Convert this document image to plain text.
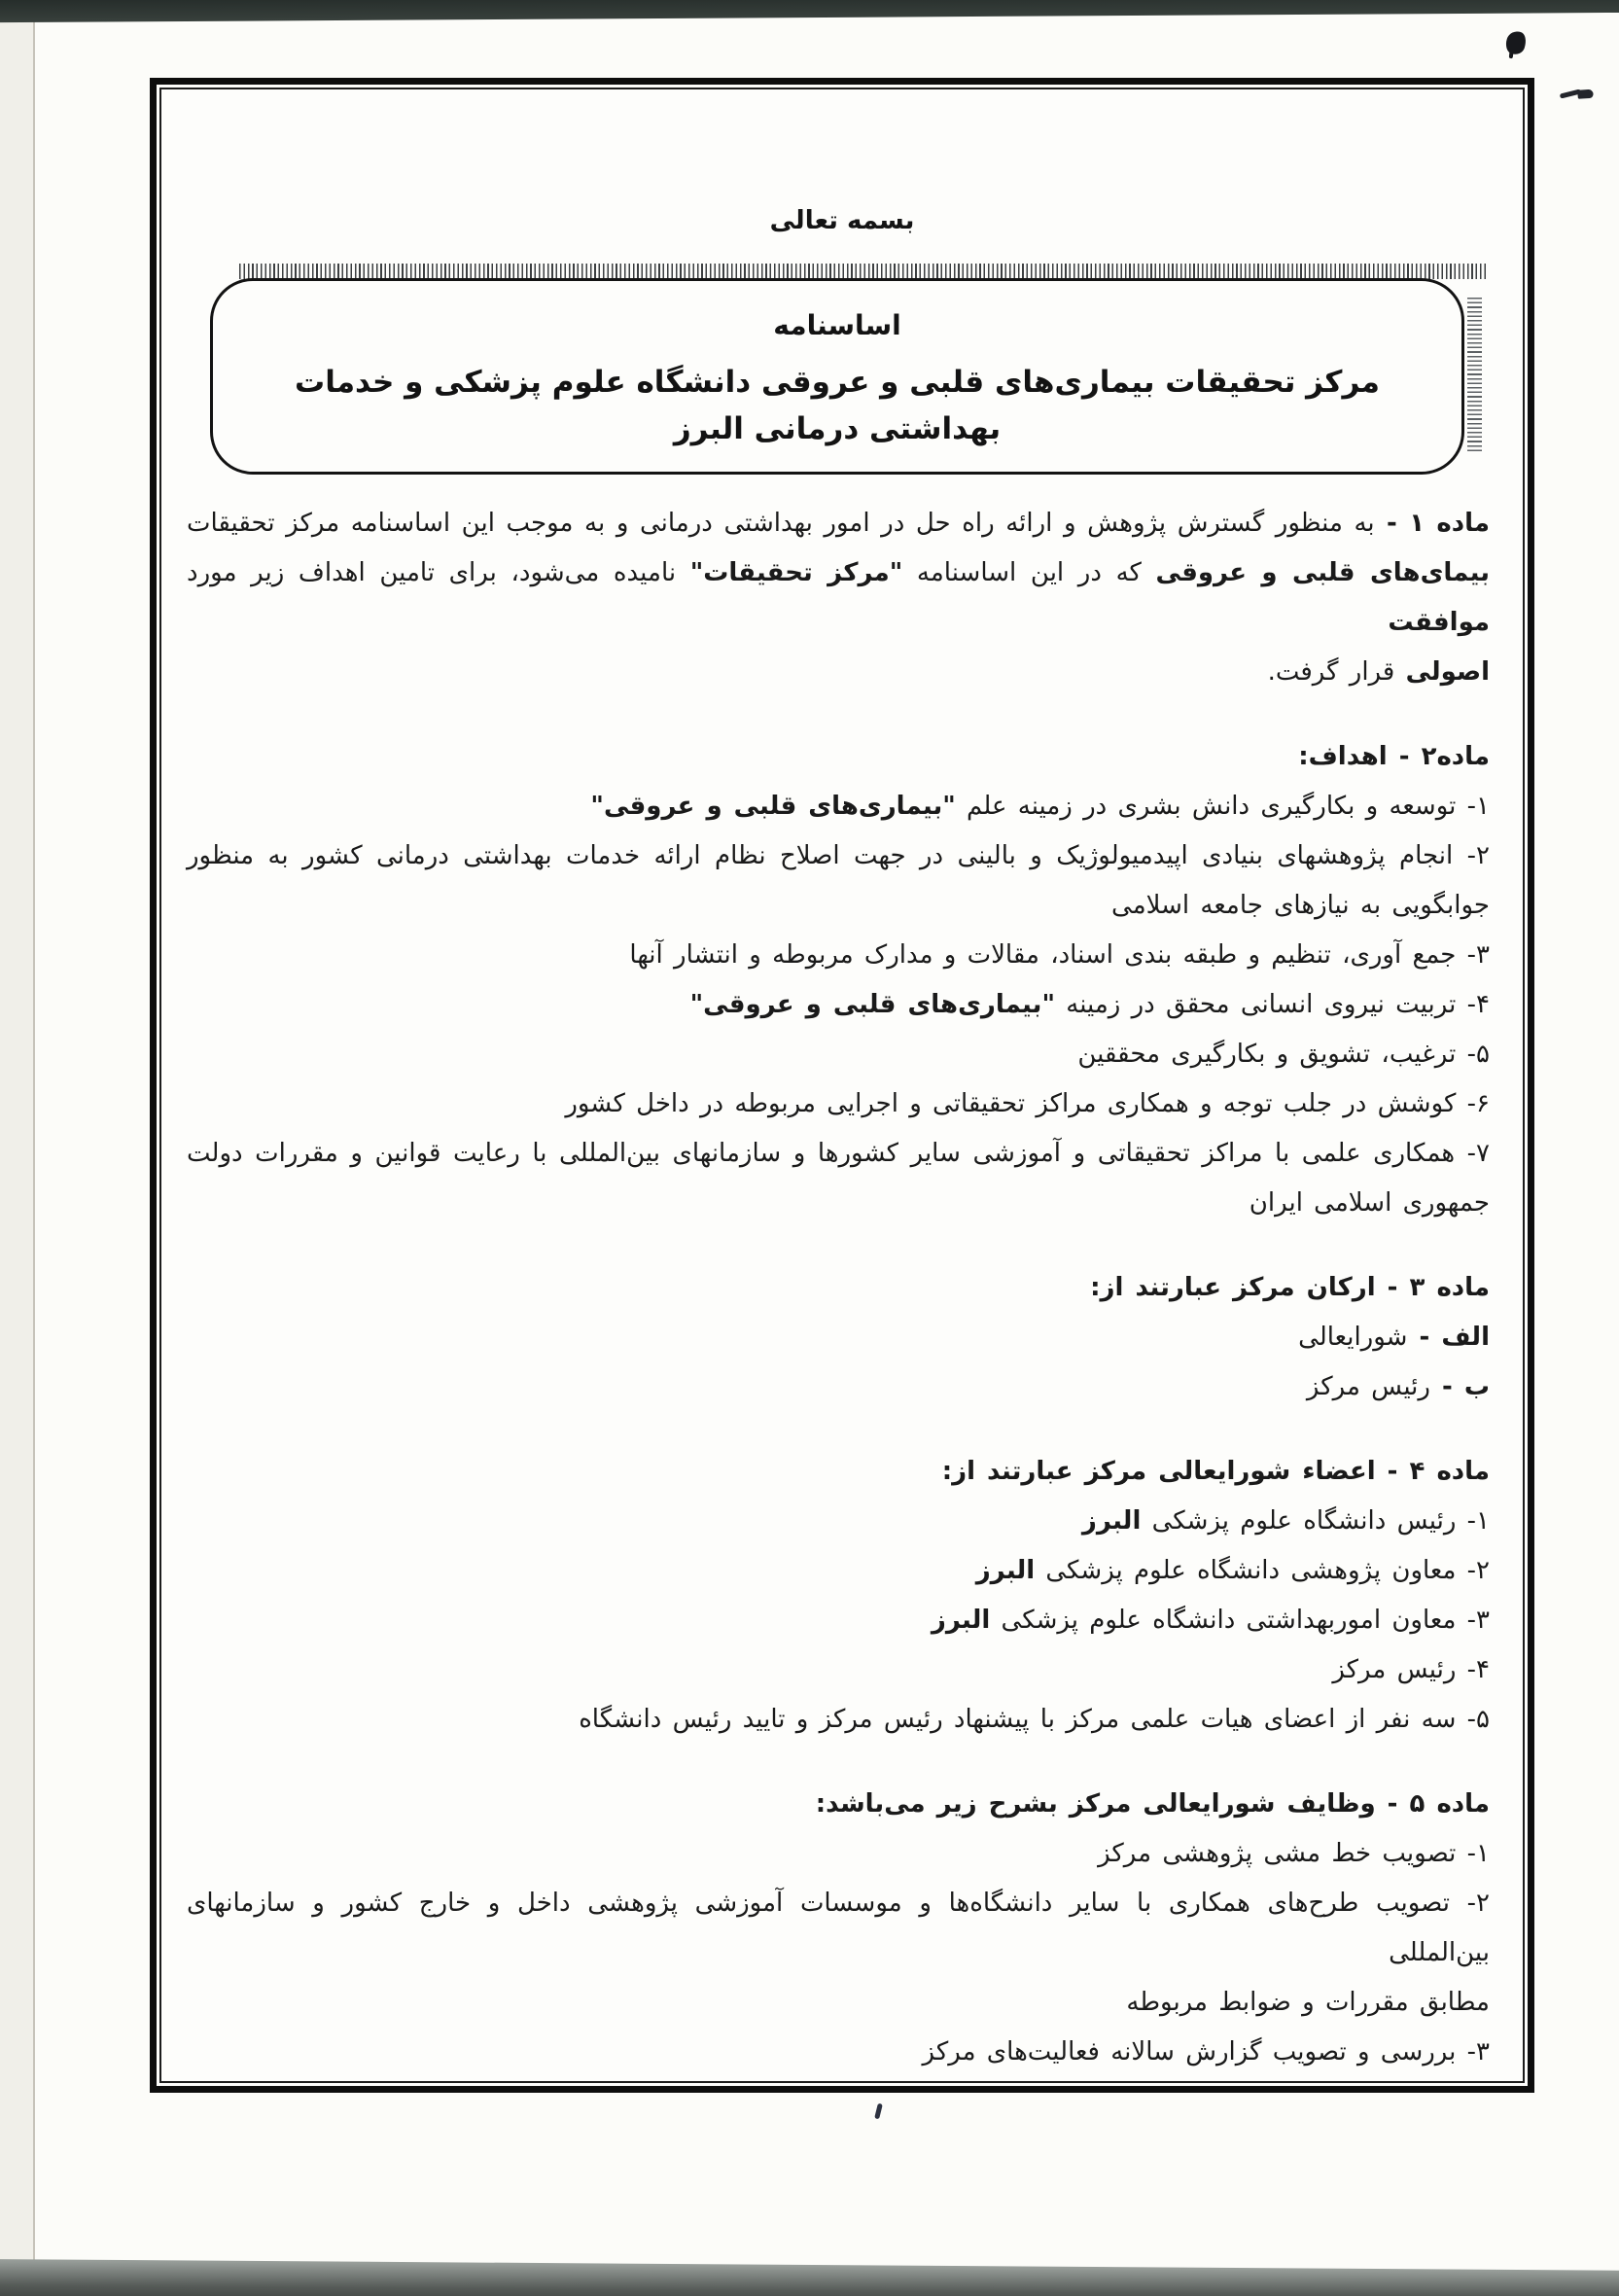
بسمه تعالی
اساسنامه
مرکز تحقیقات بیماری‌های قلبی و عروقی دانشگاه علوم پزشکی و خدمات بهداشتی درمانی البرز
ماده ۱ - به منظور گسترش پژوهش و ارائه راه حل در امور بهداشتی درمانی و به موجب این اساسنامه مرکز تحقیقات
بیمای‌های قلبی و عروقی که در این اساسنامه "مرکز تحقیقات" نامیده می‌شود، برای تامین اهداف زیر مورد موافقت
اصولی قرار گرفت.
ماده۲ - اهداف:
۱- توسعه و بکارگیری دانش بشری در زمینه علم "بیماری‌های قلبی و عروقی"
۲- انجام پژوهشهای بنیادی اپیدمیولوژیک و بالینی در جهت اصلاح نظام ارائه خدمات بهداشتی درمانی کشور به منظور
جوابگویی به نیازهای جامعه اسلامی
۳- جمع آوری، تنظیم و طبقه بندی اسناد، مقالات و مدارک مربوطه و انتشار آنها
۴- تربیت نیروی انسانی محقق در زمینه "بیماری‌های قلبی و عروقی"
۵- ترغیب، تشویق و بکارگیری محققین
۶- کوشش در جلب توجه و همکاری مراکز تحقیقاتی و اجرایی مربوطه در داخل کشور
۷- همکاری علمی با مراکز تحقیقاتی و آموزشی سایر کشورها و سازمانهای بین‌المللی با رعایت قوانین و مقررات دولت
جمهوری اسلامی ایران
ماده ۳ - ارکان مرکز عبارتند از:
الف - شورایعالی
ب - رئیس مرکز
ماده ۴ - اعضاء شورایعالی مرکز عبارتند از:
۱- رئیس دانشگاه علوم پزشکی البرز
۲- معاون پژوهشی دانشگاه علوم پزشکی البرز
۳- معاون اموربهداشتی دانشگاه علوم پزشکی البرز
۴- رئیس مرکز
۵- سه نفر از اعضای هیات علمی مرکز با پیشنهاد رئیس مرکز و تایید رئیس دانشگاه
ماده ۵ - وظایف شورایعالی مرکز بشرح زیر می‌باشد:
۱- تصویب خط مشی پژوهشی مرکز
۲- تصویب طرح‌های همکاری با سایر دانشگاه‌ها و موسسات آموزشی پژوهشی داخل و خارج کشور و سازمانهای بین‌المللی
مطابق مقررات و ضوابط مربوطه
۳- بررسی و تصویب گزارش سالانه فعالیت‌های مرکز
